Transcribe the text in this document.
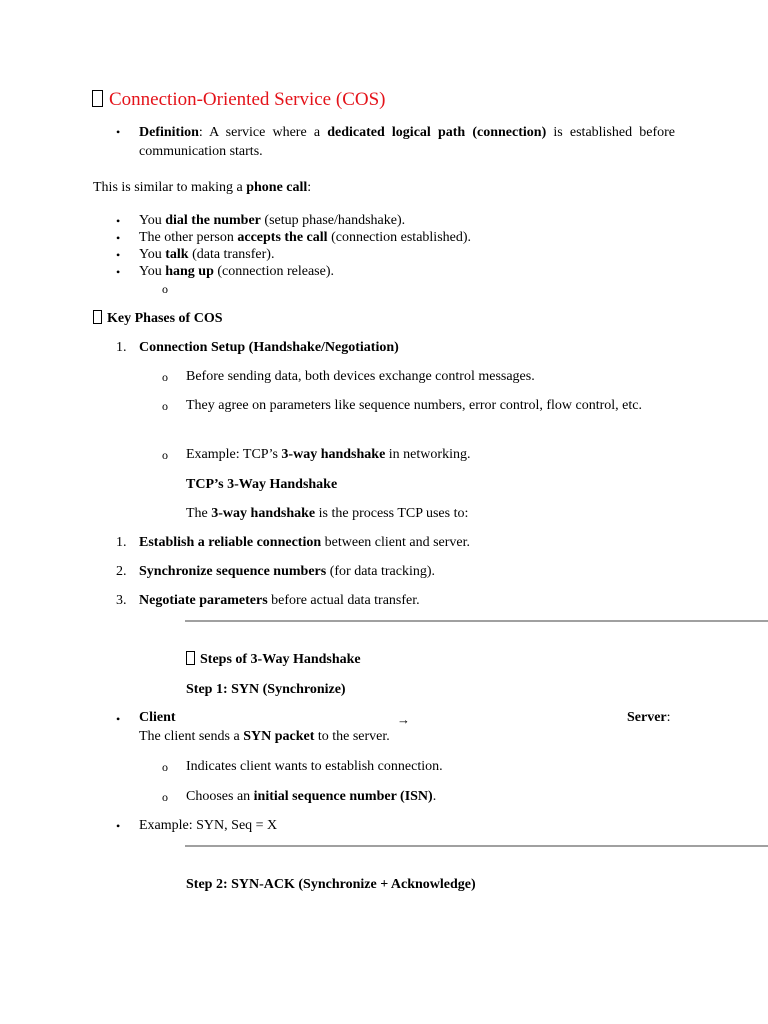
Connection-Oriented Service (COS)
• Definition: A service where a dedicated logical path (connection) is established before communication starts.
This is similar to making a phone call:
• You dial the number (setup phase/handshake).
• The other person accepts the call (connection established).
• You talk (data transfer).
• You hang up (connection release).
o
Key Phases of COS
1. Connection Setup (Handshake/Negotiation)
o Before sending data, both devices exchange control messages.
o They agree on parameters like sequence numbers, error control, flow control, etc.
o Example: TCP’s 3-way handshake in networking.
TCP’s 3-Way Handshake
The 3-way handshake is the process TCP uses to:
1. Establish a reliable connection between client and server.
2. Synchronize sequence numbers (for data tracking).
3. Negotiate parameters before actual data transfer.
Steps of 3-Way Handshake
Step 1: SYN (Synchronize)
• Client	→	Server:
The client sends a SYN packet to the server.
o Indicates client wants to establish connection.
o Chooses an initial sequence number (ISN).
• Example: SYN, Seq = X
Step 2: SYN-ACK (Synchronize + Acknowledge)
